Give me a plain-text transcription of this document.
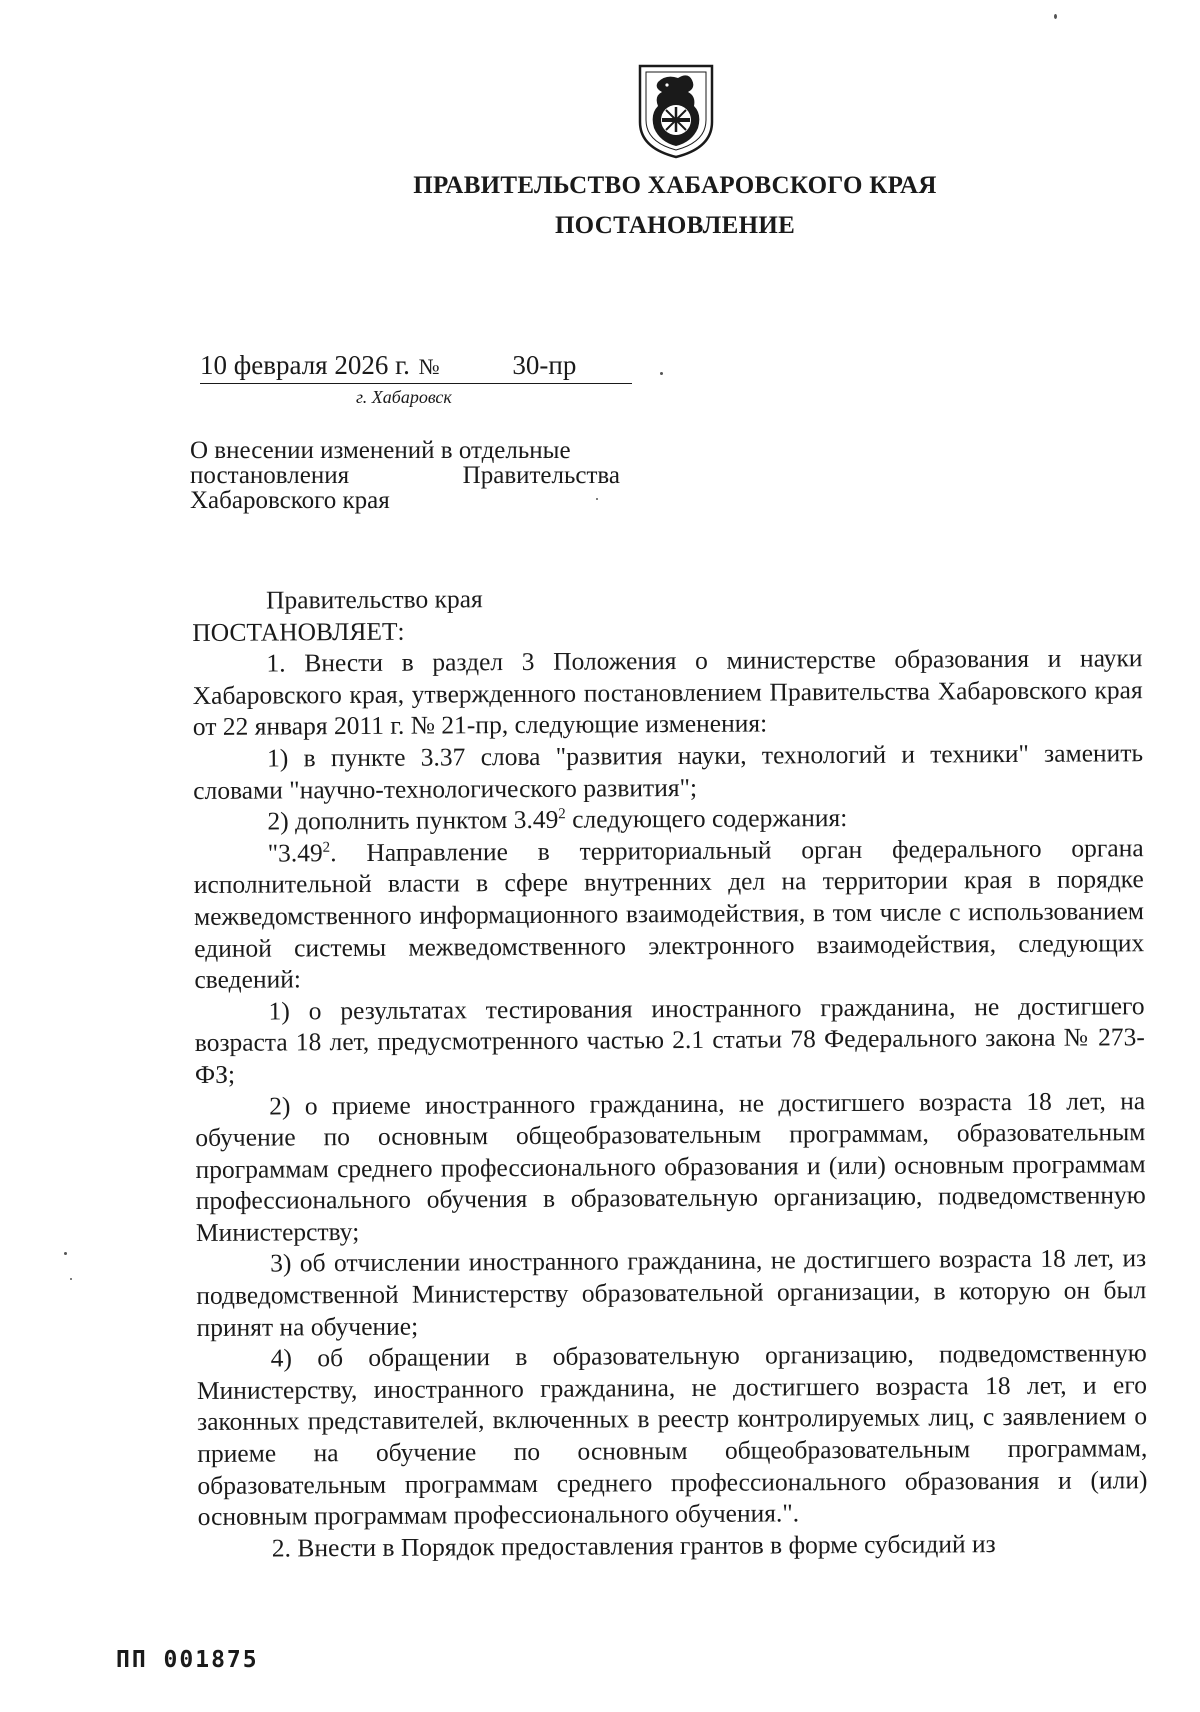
ПРАВИТЕЛЬСТВО ХАБАРОВСКОГО КРАЯ
ПОСТАНОВЛЕНИЕ
10 февраля 2026 г. №	30-пр
г. Хабаровск
О внесении изменений в отдельные
постановления	Правительства
Хабаровского края

Правительство края

ПОСТАНОВЛЯЕТ:

1. Внести в раздел 3 Положения о министерстве образования и науки Хабаровского края, утвержденного постановлением Правительства Хабаровского края от 22 января 2011 г. № 21-пр, следующие изменения:

1) в пункте 3.37 слова "развития науки, технологий и техники" заменить словами "научно-технологического развития";

2) дополнить пунктом 3.49$^2$ следующего содержания:

"3.49$^2$. Направление в территориальный орган федерального органа исполнительной власти в сфере внутренних дел на территории края в порядке межведомственного информационного взаимодействия, в том числе с использованием единой системы межведомственного электронного взаимодействия, следующих сведений:

1) о результатах тестирования иностранного гражданина, не достигшего возраста 18 лет, предусмотренного частью 2.1 статьи 78 Федерального закона № 273-ФЗ;

2) о приеме иностранного гражданина, не достигшего возраста 18 лет, на обучение по основным общеобразовательным программам, образовательным программам среднего профессионального образования и (или) основным программам профессионального обучения в образовательную организацию, подведомственную Министерству;

3) об отчислении иностранного гражданина, не достигшего возраста 18 лет, из подведомственной Министерству образовательной организации, в которую он был принят на обучение;

4) об обращении в образовательную организацию, подведомственную Министерству, иностранного гражданина, не достигшего возраста 18 лет, и его законных представителей, включенных в реестр контролируемых лиц, с заявлением о приеме на обучение по основным общеобразовательным программам, образовательным программам среднего профессионального образования и (или) основным программам профессионального обучения.".

2. Внести в Порядок предоставления грантов в форме субсидий из

ПП 001875
